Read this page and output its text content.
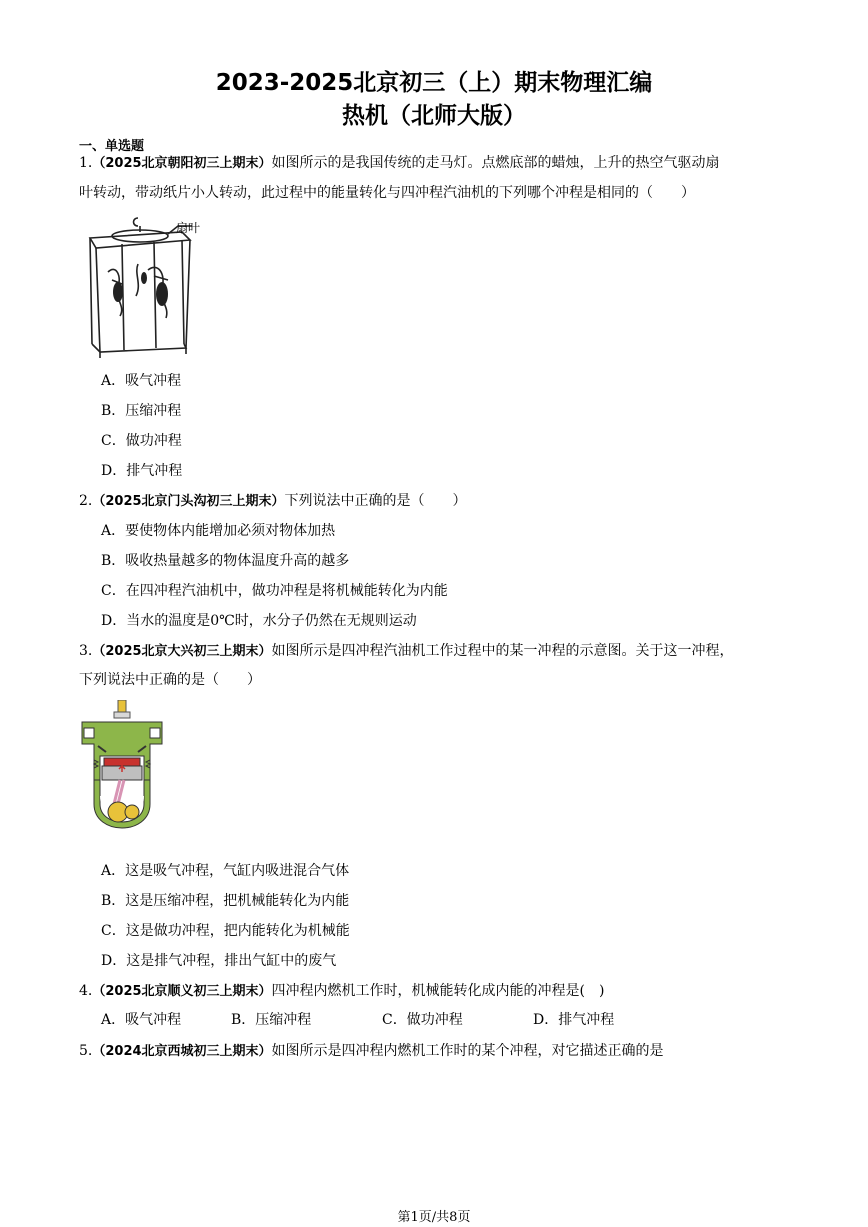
2023-2025北京初三（上）期末物理汇编
热机（北师大版）
一、单选题
1.（2025北京朝阳初三上期末）如图所示的是我国传统的走马灯。点燃底部的蜡烛，上升的热空气驱动扇
叶转动，带动纸片小人转动，此过程中的能量转化与四冲程汽油机的下列哪个冲程是相同的（　　）
扇叶
A．吸气冲程
B．压缩冲程
C．做功冲程
D．排气冲程
2.（2025北京门头沟初三上期末）下列说法中正确的是（　　）
A．要使物体内能增加必须对物体加热
B．吸收热量越多的物体温度升高的越多
C．在四冲程汽油机中，做功冲程是将机械能转化为内能
D．当水的温度是0℃时，水分子仍然在无规则运动
3.（2025北京大兴初三上期末）如图所示是四冲程汽油机工作过程中的某一冲程的示意图。关于这一冲程，
下列说法中正确的是（　　）
A．这是吸气冲程，气缸内吸进混合气体
B．这是压缩冲程，把机械能转化为内能
C．这是做功冲程，把内能转化为机械能
D．这是排气冲程，排出气缸中的废气
4.（2025北京顺义初三上期末）四冲程内燃机工作时，机械能转化成内能的冲程是(　)
A．吸气冲程	B．压缩冲程	C．做功冲程	D．排气冲程
5.（2024北京西城初三上期末）如图所示是四冲程内燃机工作时的某个冲程，对它描述正确的是
第1页/共8页
